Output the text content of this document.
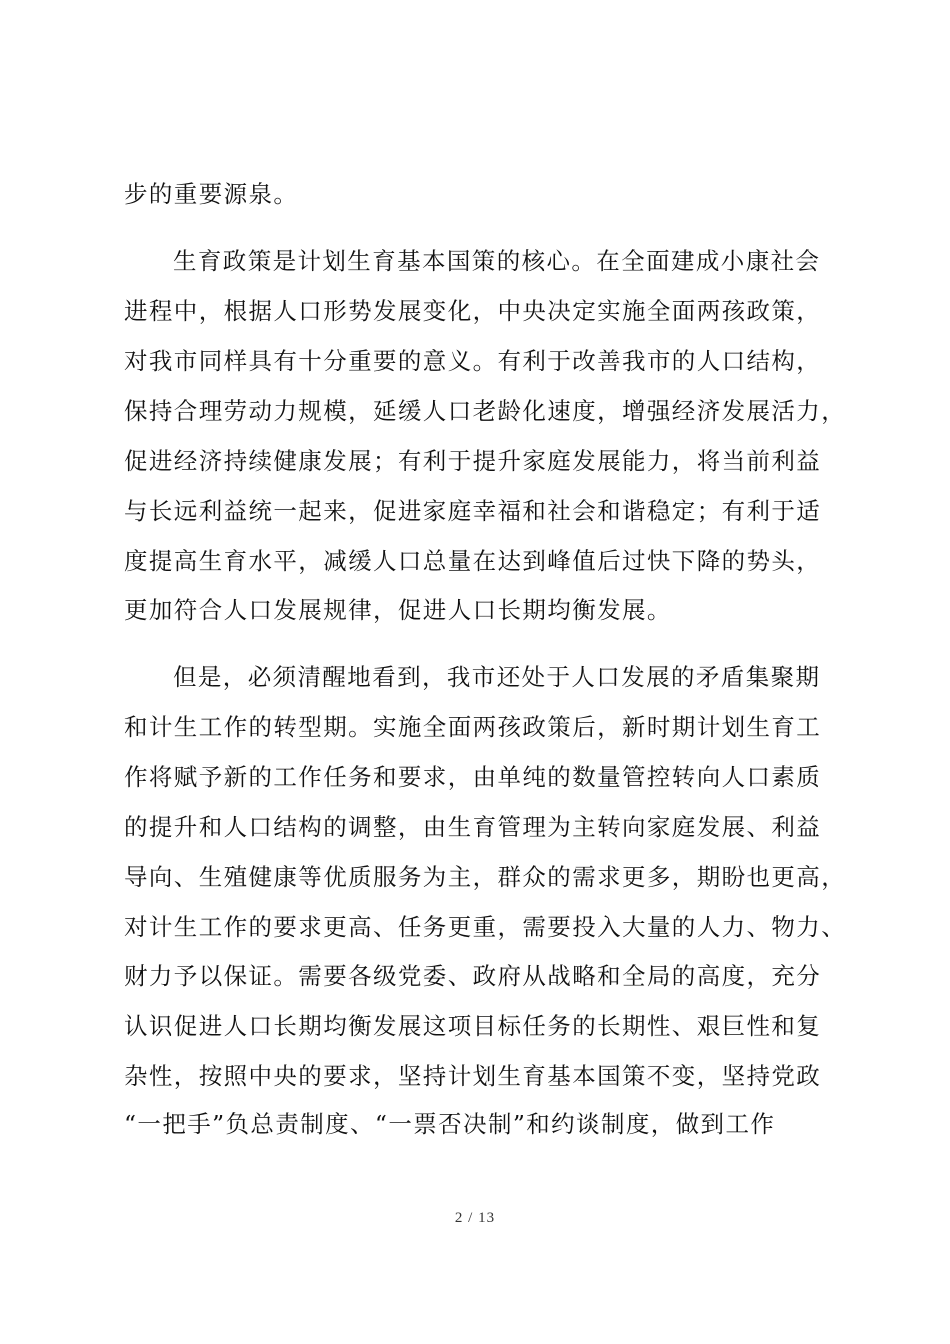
步的重要源泉。
生育政策是计划生育基本国策的核心。在全面建成小康社会
进程中，根据人口形势发展变化，中央决定实施全面两孩政策，
对我市同样具有十分重要的意义。有利于改善我市的人口结构，
保持合理劳动力规模，延缓人口老龄化速度，增强经济发展活力，
促进经济持续健康发展；有利于提升家庭发展能力，将当前利益
与长远利益统一起来，促进家庭幸福和社会和谐稳定；有利于适
度提高生育水平，减缓人口总量在达到峰值后过快下降的势头，
更加符合人口发展规律，促进人口长期均衡发展。
但是，必须清醒地看到，我市还处于人口发展的矛盾集聚期
和计生工作的转型期。实施全面两孩政策后，新时期计划生育工
作将赋予新的工作任务和要求，由单纯的数量管控转向人口素质
的提升和人口结构的调整，由生育管理为主转向家庭发展、利益
导向、生殖健康等优质服务为主，群众的需求更多，期盼也更高，
对计生工作的要求更高、任务更重，需要投入大量的人力、物力、
财力予以保证。需要各级党委、政府从战略和全局的高度，充分
认识促进人口长期均衡发展这项目标任务的长期性、艰巨性和复
杂性，按照中央的要求，坚持计划生育基本国策不变，坚持党政
“一把手”负总责制度、“一票否决制”和约谈制度，做到工作
2 / 13
